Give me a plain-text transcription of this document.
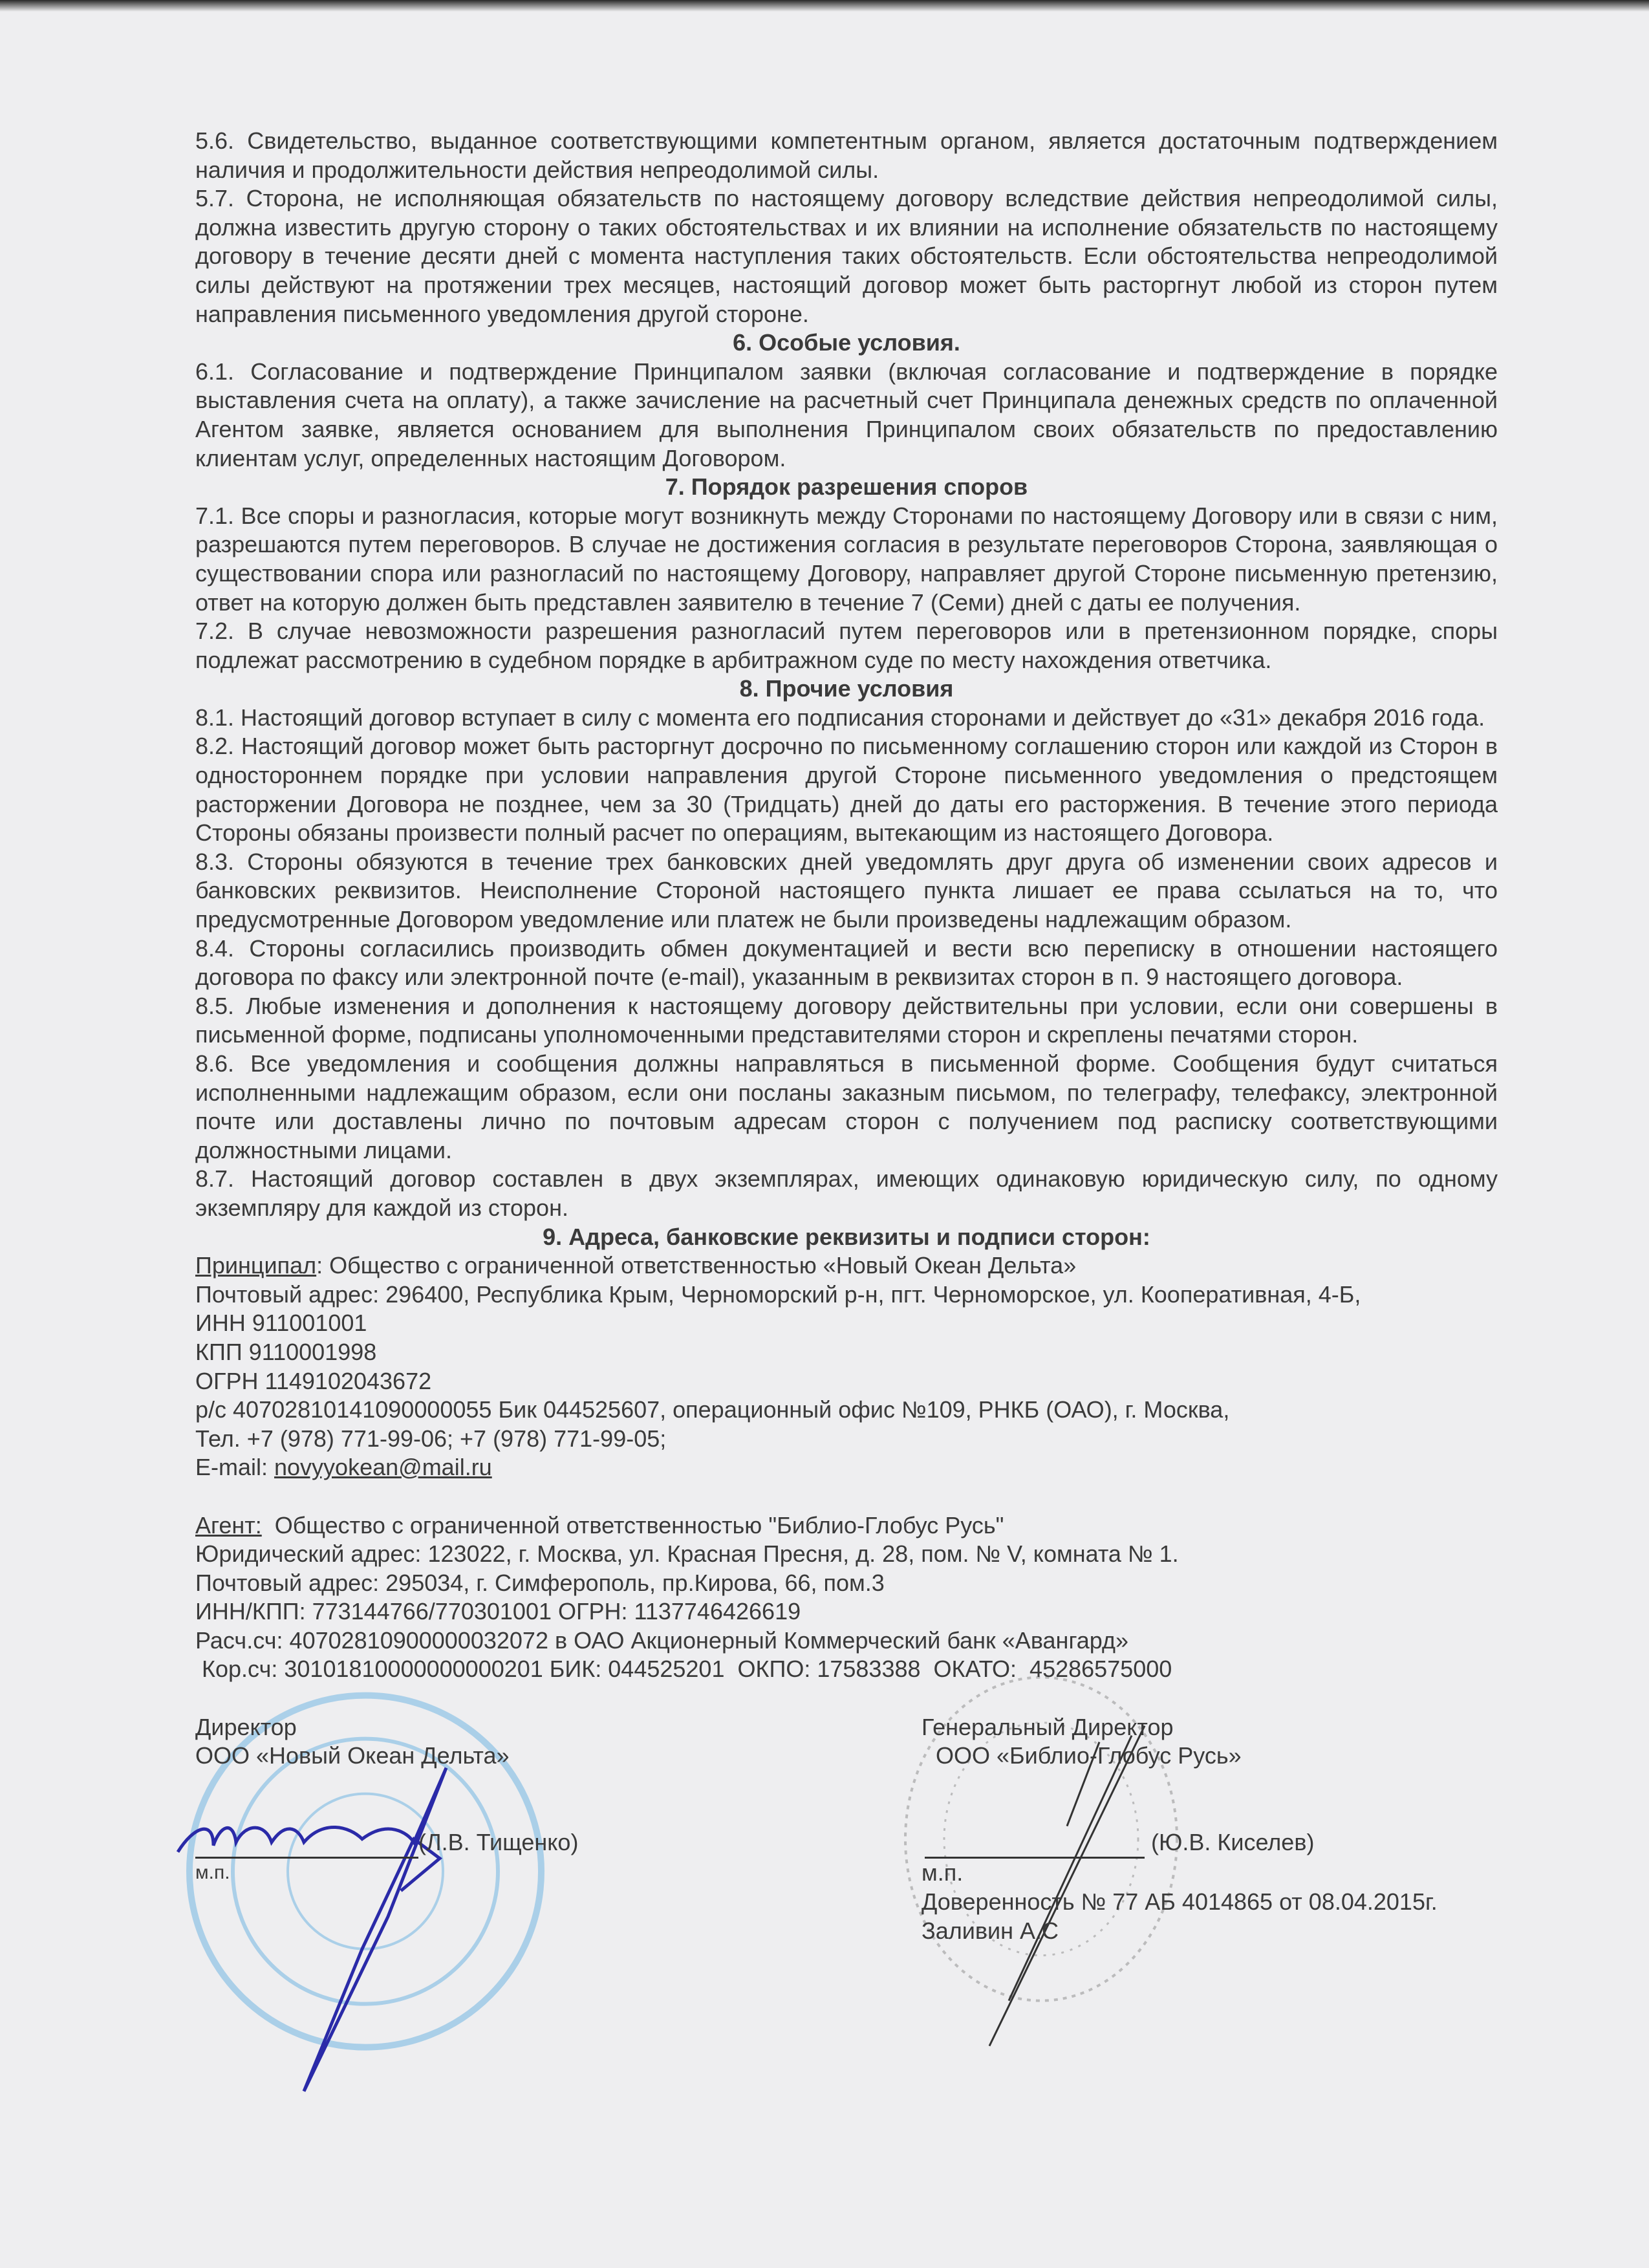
5.6. Свидетельство, выданное соответствующими компетентным органом, является достаточным подтверждением наличия и продолжительности действия непреодолимой силы.
5.7. Сторона, не исполняющая обязательств по настоящему договору вследствие действия непреодолимой силы, должна известить другую сторону о таких обстоятельствах и их влиянии на исполнение обязательств по настоящему договору в течение десяти дней с момента наступления таких обстоятельств. Если обстоятельства непреодолимой силы действуют на протяжении трех месяцев, настоящий договор может быть расторгнут любой из сторон путем направления письменного уведомления другой стороне.
6. Особые условия.
6.1. Согласование и подтверждение Принципалом заявки (включая согласование и подтверждение в порядке выставления счета на оплату), а также зачисление на расчетный счет Принципала денежных средств по оплаченной Агентом заявке, является основанием для выполнения Принципалом своих обязательств по предоставлению клиентам услуг, определенных настоящим Договором.
7. Порядок разрешения споров
7.1. Все споры и разногласия, которые могут возникнуть между Сторонами по настоящему Договору или в связи с ним, разрешаются путем переговоров. В случае не достижения согласия в результате переговоров Сторона, заявляющая о существовании спора или разногласий по настоящему Договору, направляет другой Стороне письменную претензию, ответ на которую должен быть представлен заявителю в течение 7 (Семи) дней с даты ее получения.
7.2. В случае невозможности разрешения разногласий путем переговоров или в претензионном порядке, споры подлежат рассмотрению в судебном порядке в арбитражном суде по месту нахождения ответчика.
8. Прочие условия
8.1. Настоящий договор вступает в силу с момента его подписания сторонами и действует до «31» декабря 2016 года.
8.2. Настоящий договор может быть расторгнут досрочно по письменному соглашению сторон или каждой из Сторон в одностороннем порядке при условии направления другой Стороне письменного уведомления о предстоящем расторжении Договора не позднее, чем за 30 (Тридцать) дней до даты его расторжения. В течение этого периода Стороны обязаны произвести полный расчет по операциям, вытекающим из настоящего Договора.
8.3. Стороны обязуются в течение трех банковских дней уведомлять друг друга об изменении своих адресов и банковских реквизитов. Неисполнение Стороной настоящего пункта лишает ее права ссылаться на то, что предусмотренные Договором уведомление или платеж не были произведены надлежащим образом.
8.4. Стороны согласились производить обмен документацией и вести всю переписку в отношении настоящего договора по факсу или электронной почте (e-mail), указанным в реквизитах сторон в п. 9 настоящего договора.
8.5. Любые изменения и дополнения к настоящему договору действительны при условии, если они совершены в письменной форме, подписаны уполномоченными представителями сторон и скреплены печатями сторон.
8.6. Все уведомления и сообщения должны направляться в письменной форме. Сообщения будут считаться исполненными надлежащим образом, если они посланы заказным письмом, по телеграфу, телефаксу, электронной почте или доставлены лично по почтовым адресам сторон с получением под расписку соответствующими должностными лицами.
8.7. Настоящий договор составлен в двух экземплярах, имеющих одинаковую юридическую силу, по одному экземпляру для каждой из сторон.
9. Адреса, банковские реквизиты и подписи сторон:
Принципал: Общество с ограниченной ответственностью «Новый Океан Дельта»
Почтовый адрес: 296400, Республика Крым, Черноморский р-н, пгт. Черноморское, ул. Кооперативная, 4-Б,
ИНН 911001001
КПП 9110001998
ОГРН 1149102043672
р/с 40702810141090000055 Бик 044525607, операционный офис №109, РНКБ (ОАО), г. Москва,
Тел. +7 (978) 771-99-06; +7 (978) 771-99-05;
E-mail: novyyokean@mail.ru
Агент:  Общество с ограниченной ответственностью "Библио-Глобус Русь"
Юридический адрес: 123022, г. Москва, ул. Красная Пресня, д. 28, пом. № V, комната № 1.
Почтовый адрес: 295034, г. Симферополь, пр.Кирова, 66, пом.3
ИНН/КПП: 773144766/770301001 ОГРН: 1137746426619
Расч.сч: 40702810900000032072 в ОАО Акционерный Коммерческий банк «Авангард»
Кор.сч: 30101810000000000201 БИК: 044525201  ОКПО: 17583388  ОКАТО:  45286575000
Директор
ООО «Новый Океан Дельта»
(Л.В. Тищенко)
м.п.
Генеральный Директор
ООО «Библио-Глобус Русь»
(Ю.В. Киселев)
м.п.
Доверенность № 77 АБ 4014865 от 08.04.2015г.
Заливин А.С
